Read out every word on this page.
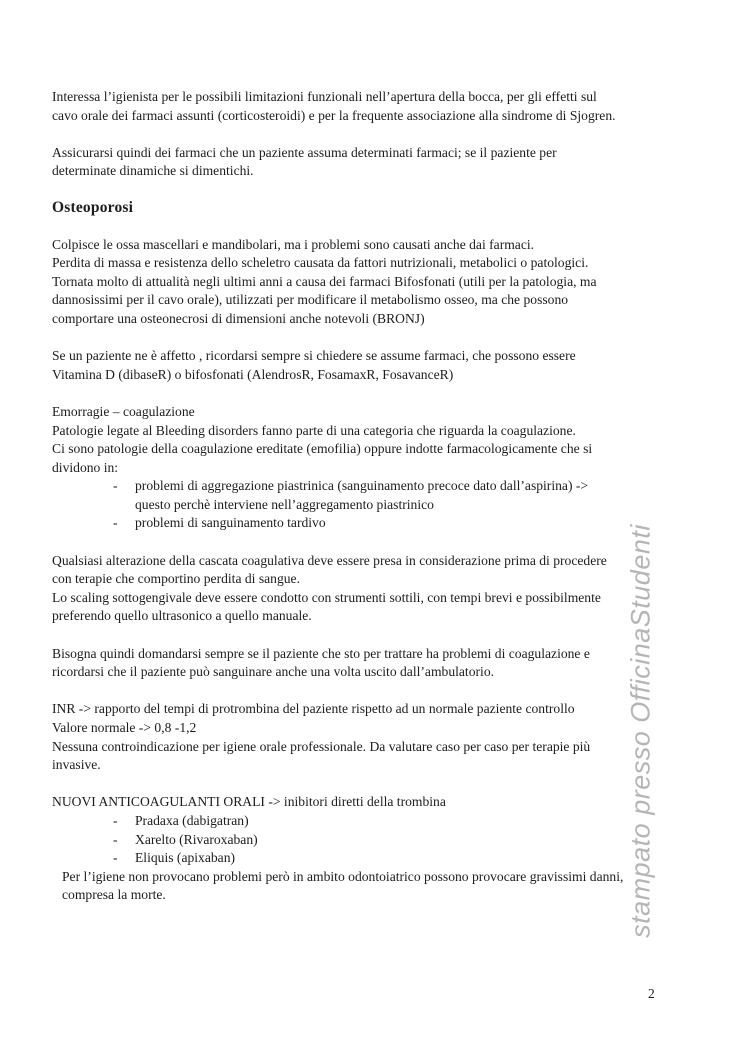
Interessa l’igienista per le possibili limitazioni funzionali nell’apertura della bocca, per gli effetti sul
cavo orale dei farmaci assunti (corticosteroidi) e per la frequente associazione alla sindrome di Sjogren.

Assicurarsi quindi dei farmaci che un paziente assuma determinati farmaci; se il paziente per
determinate dinamiche si dimentichi.

Osteoporosi

Colpisce le ossa mascellari e mandibolari, ma i problemi sono causati anche dai farmaci.
Perdita di massa e resistenza dello scheletro causata da fattori nutrizionali, metabolici o patologici.
Tornata molto di attualità negli ultimi anni a causa dei farmaci Bifosfonati (utili per la patologia, ma
dannosissimi per il cavo orale), utilizzati per modificare il metabolismo osseo, ma che possono
comportare una osteonecrosi di dimensioni anche notevoli (BRONJ)

Se un paziente ne è affetto , ricordarsi sempre si chiedere se assume farmaci, che possono essere
Vitamina D (dibaseR) o bifosfonati (AlendrosR, FosamaxR, FosavanceR)

Emorragie – coagulazione
Patologie legate al Bleeding disorders fanno parte di una categoria che riguarda la coagulazione.
Ci sono patologie della coagulazione ereditate (emofilia) oppure indotte farmacologicamente che si
dividono in:

-	problemi di aggregazione piastrinica (sanguinamento precoce dato dall’aspirina) ->
questo perchè interviene nell’aggregamento piastrinico
-	problemi di sanguinamento tardivo

Qualsiasi alterazione della cascata coagulativa deve essere presa in considerazione prima di procedere
con terapie che comportino perdita di sangue.
Lo scaling sottogengivale deve essere condotto con strumenti sottili, con tempi brevi e possibilmente
preferendo quello ultrasonico a quello manuale.

Bisogna quindi domandarsi sempre se il paziente che sto per trattare ha problemi di coagulazione e
ricordarsi che il paziente può sanguinare anche una volta uscito dall’ambulatorio.

INR -> rapporto del tempi di protrombina del paziente rispetto ad un normale paziente controllo
Valore normale -> 0,8 -1,2
Nessuna controindicazione per igiene orale professionale. Da valutare caso per caso per terapie più
invasive.

NUOVI ANTICOAGULANTI ORALI -> inibitori diretti della trombina

-	Pradaxa (dabigatran)
-	Xarelto (Rivaroxaban)
-	Eliquis (apixaban)

Per l’igiene non provocano problemi però in ambito odontoiatrico possono provocare gravissimi danni,
compresa la morte.	stampato presso OfficinaStudenti
2
